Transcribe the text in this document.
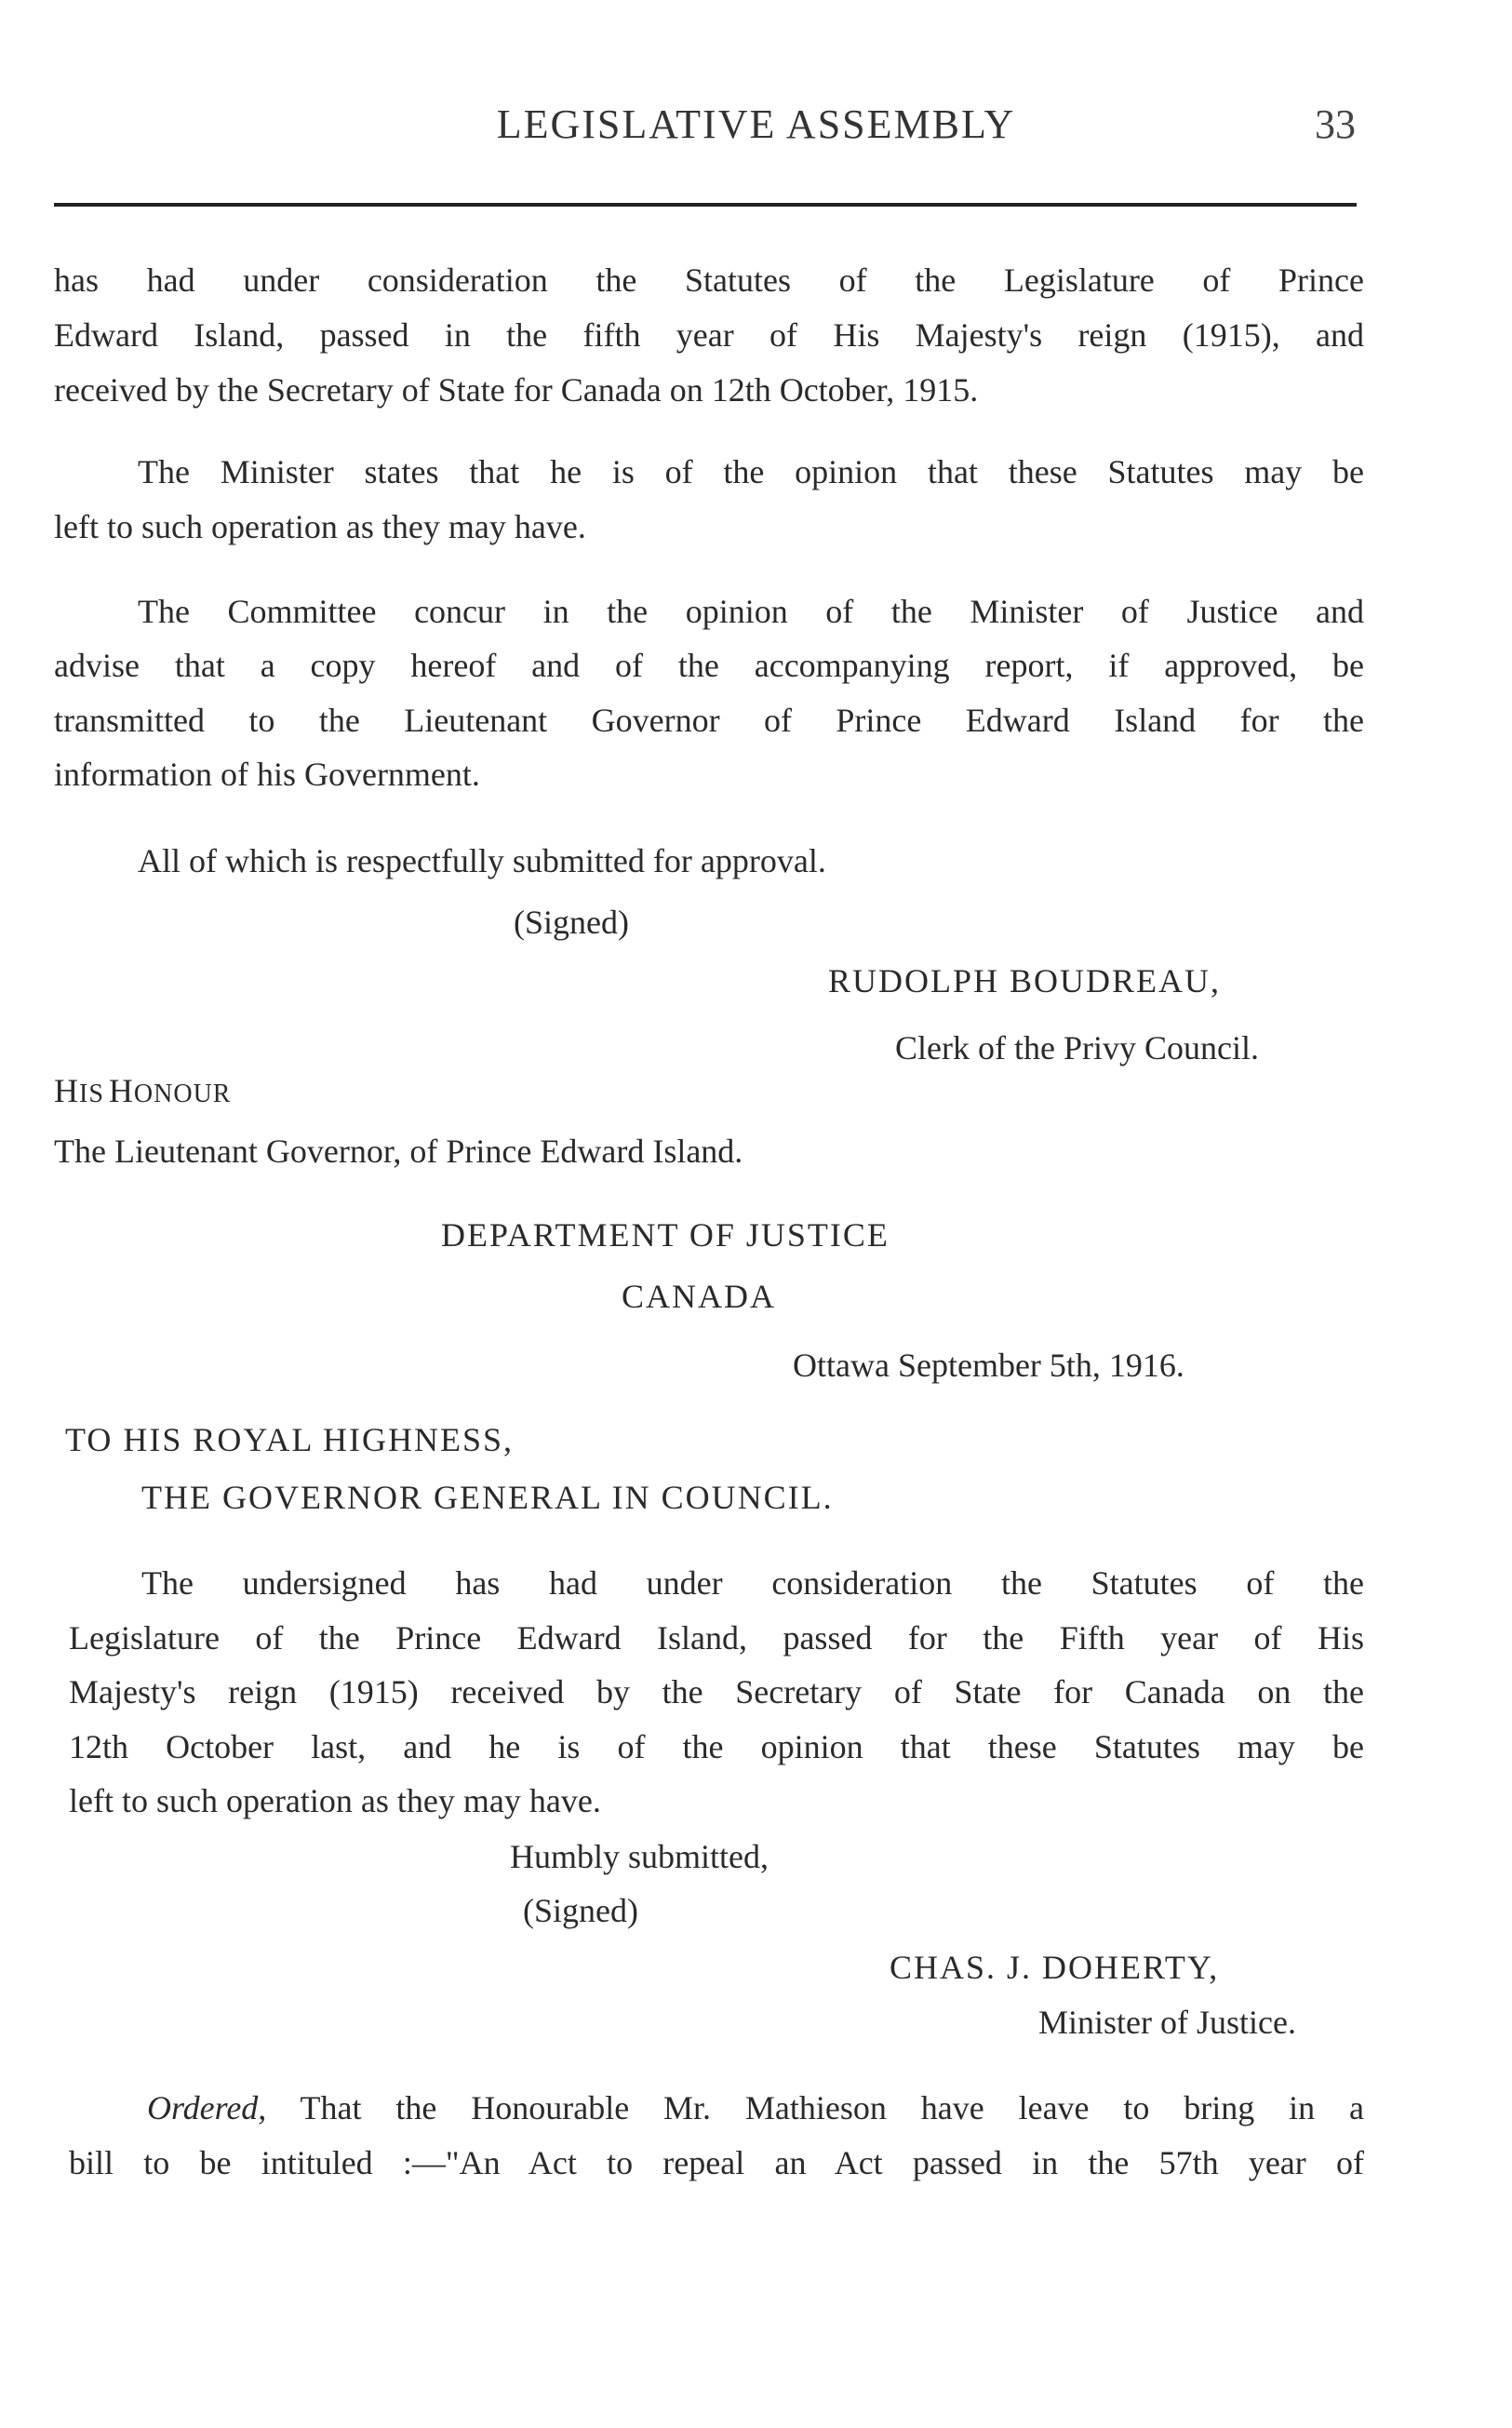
LEGISLATIVE ASSEMBLY	33
has had under consideration the Statutes of the Legislature of Prince
Edward Island, passed in the fifth year of His Majesty's reign (1915), and
received by the Secretary of State for Canada on 12th October, 1915.
The Minister states that he is of the opinion that these Statutes may be
left to such operation as they may have.
The Committee concur in the opinion of the Minister of Justice and
advise that a copy hereof and of the accompanying report, if approved, be
transmitted to the Lieutenant Governor of Prince Edward Island for the
information of his Government.
All of which is respectfully submitted for approval.
(Signed)
RUDOLPH BOUDREAU,
Clerk of the Privy Council.
HIS HONOUR
The Lieutenant Governor, of Prince Edward Island.
DEPARTMENT OF JUSTICE
CANADA
Ottawa September 5th, 1916.
TO HIS ROYAL HIGHNESS,
THE GOVERNOR GENERAL IN COUNCIL.
The undersigned has had under consideration the Statutes of the
Legislature of the Prince Edward Island, passed for the Fifth year of His
Majesty's reign (1915) received by the Secretary of State for Canada on the
12th October last, and he is of the opinion that these Statutes may be
left to such operation as they may have.
Humbly submitted,
(Signed)
CHAS. J. DOHERTY,
Minister of Justice.
Ordered, That the Honourable Mr. Mathieson have leave to bring in a
bill to be intituled :—"An Act to repeal an Act passed in the 57th year of
